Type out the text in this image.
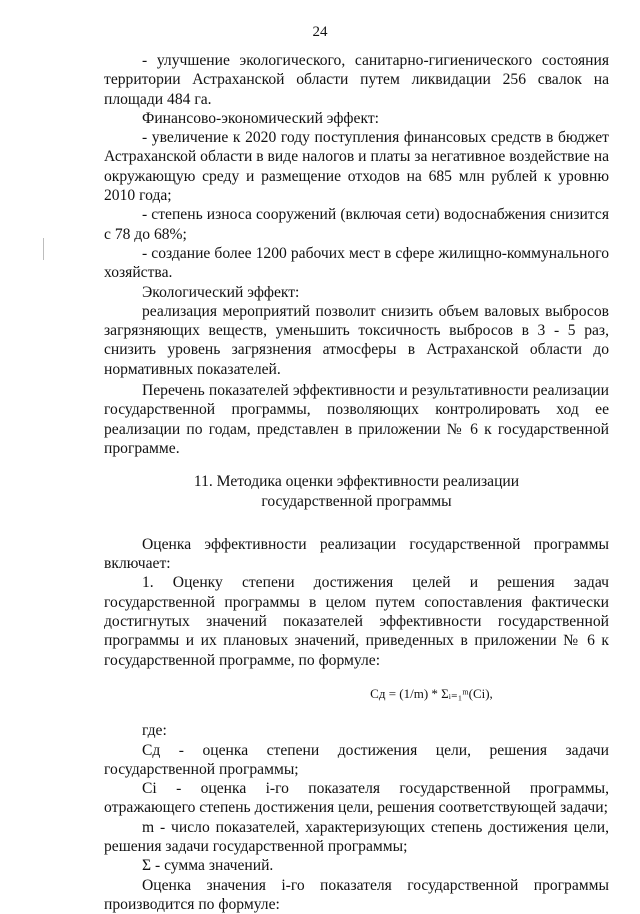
24

- улучшение экологического, санитарно-гигиенического состояния территории Астраханской области путем ликвидации 256 свалок на площади 484 га.

Финансово-экономический эффект:

- увеличение к 2020 году поступления финансовых средств в бюджет Астраханской области в виде налогов и платы за негативное воздействие на окружающую среду и размещение отходов на 685 млн рублей к уровню 2010 года;

- степень износа сооружений (включая сети) водоснабжения снизится с 78 до 68%;

- создание более 1200 рабочих мест в сфере жилищно-коммунального хозяйства.

Экологический эффект:

реализация мероприятий позволит снизить объем валовых выбросов загрязняющих веществ, уменьшить токсичность выбросов в 3 - 5 раз, снизить уровень загрязнения атмосферы в Астраханской области до нормативных показателей.

Перечень показателей эффективности и результативности реализации государственной программы, позволяющих контролировать ход ее реализации по годам, представлен в приложении № 6 к государственной программе.

11. Методика оценки эффективности реализации
государственной программы

Оценка эффективности реализации государственной программы включает:

1. Оценку степени достижения целей и решения задач государственной программы в целом путем сопоставления фактически достигнутых значений показателей эффективности государственной программы и их плановых значений, приведенных в приложении № 6 к государственной программе, по формуле:

Сд = (1/m) * Σᵢ₌₁ᵐ(Ci),

где:

Сд - оценка степени достижения цели, решения задачи государственной программы;

Ci - оценка i-го показателя государственной программы, отражающего степень достижения цели, решения соответствующей задачи;

m - число показателей, характеризующих степень достижения цели, решения задачи государственной программы;

Σ - сумма значений.

Оценка значения i-го показателя государственной программы производится по формуле:
